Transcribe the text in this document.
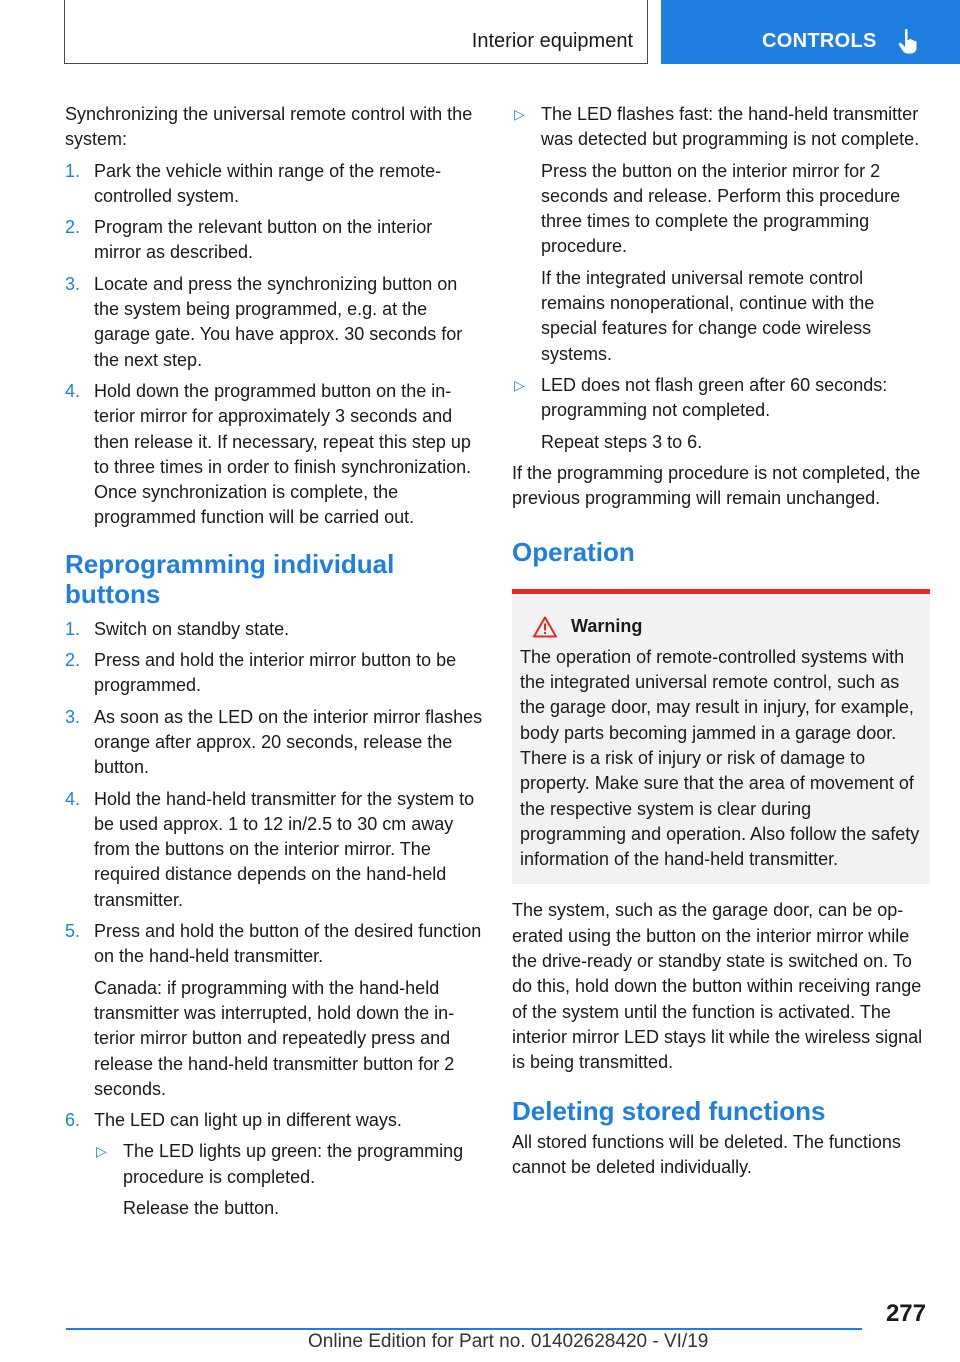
Interior equipment	CONTROLS

Synchronizing the universal remote control with the system:

1. Park the vehicle within range of the remote-controlled system.
2. Program the relevant button on the interior mirror as described.
3. Locate and press the synchronizing button on the system being programmed, e.g. at the garage gate. You have approx. 30 seconds for the next step.
4. Hold down the programmed button on the interior mirror for approximately 3 seconds and then release it. If necessary, repeat this step up to three times in order to finish synchronization. Once synchronization is complete, the programmed function will be carried out.
Reprogramming individual buttons
1. Switch on standby state.
2. Press and hold the interior mirror button to be programmed.
3. As soon as the LED on the interior mirror flashes orange after approx. 20 seconds, release the button.
4. Hold the hand-held transmitter for the system to be used approx. 1 to 12 in/2.5 to 30 cm away from the buttons on the interior mirror. The required distance depends on the hand-held transmitter.
5. Press and hold the button of the desired function on the hand-held transmitter.

Canada: if programming with the hand-held transmitter was interrupted, hold down the interior mirror button and repeatedly press and release the hand-held transmitter button for 2 seconds.

6. The LED can light up in different ways.
▷ The LED lights up green: the programming procedure is completed.

Release the button.

▷ The LED flashes fast: the hand-held transmitter was detected but programming is not complete.

Press the button on the interior mirror for 2 seconds and release. Perform this procedure three times to complete the programming procedure.

If the integrated universal remote control remains nonoperational, continue with the special features for change code wireless systems.

▷ LED does not flash green after 60 seconds: programming not completed.

Repeat steps 3 to 6.

If the programming procedure is not completed, the previous programming will remain unchanged.

Operation
Warning
The operation of remote-controlled systems with the integrated universal remote control, such as the garage door, may result in injury, for example, body parts becoming jammed in a garage door. There is a risk of injury or risk of damage to property. Make sure that the area of movement of the respective system is clear during programming and operation. Also follow the safety information of the hand-held transmitter.

The system, such as the garage door, can be operated using the button on the interior mirror while the drive-ready or standby state is switched on. To do this, hold down the button within receiving range of the system until the function is activated. The interior mirror LED stays lit while the wireless signal is being transmitted.

Deleting stored functions

All stored functions will be deleted. The functions cannot be deleted individually.

277
Online Edition for Part no. 01402628420 - VI/19
